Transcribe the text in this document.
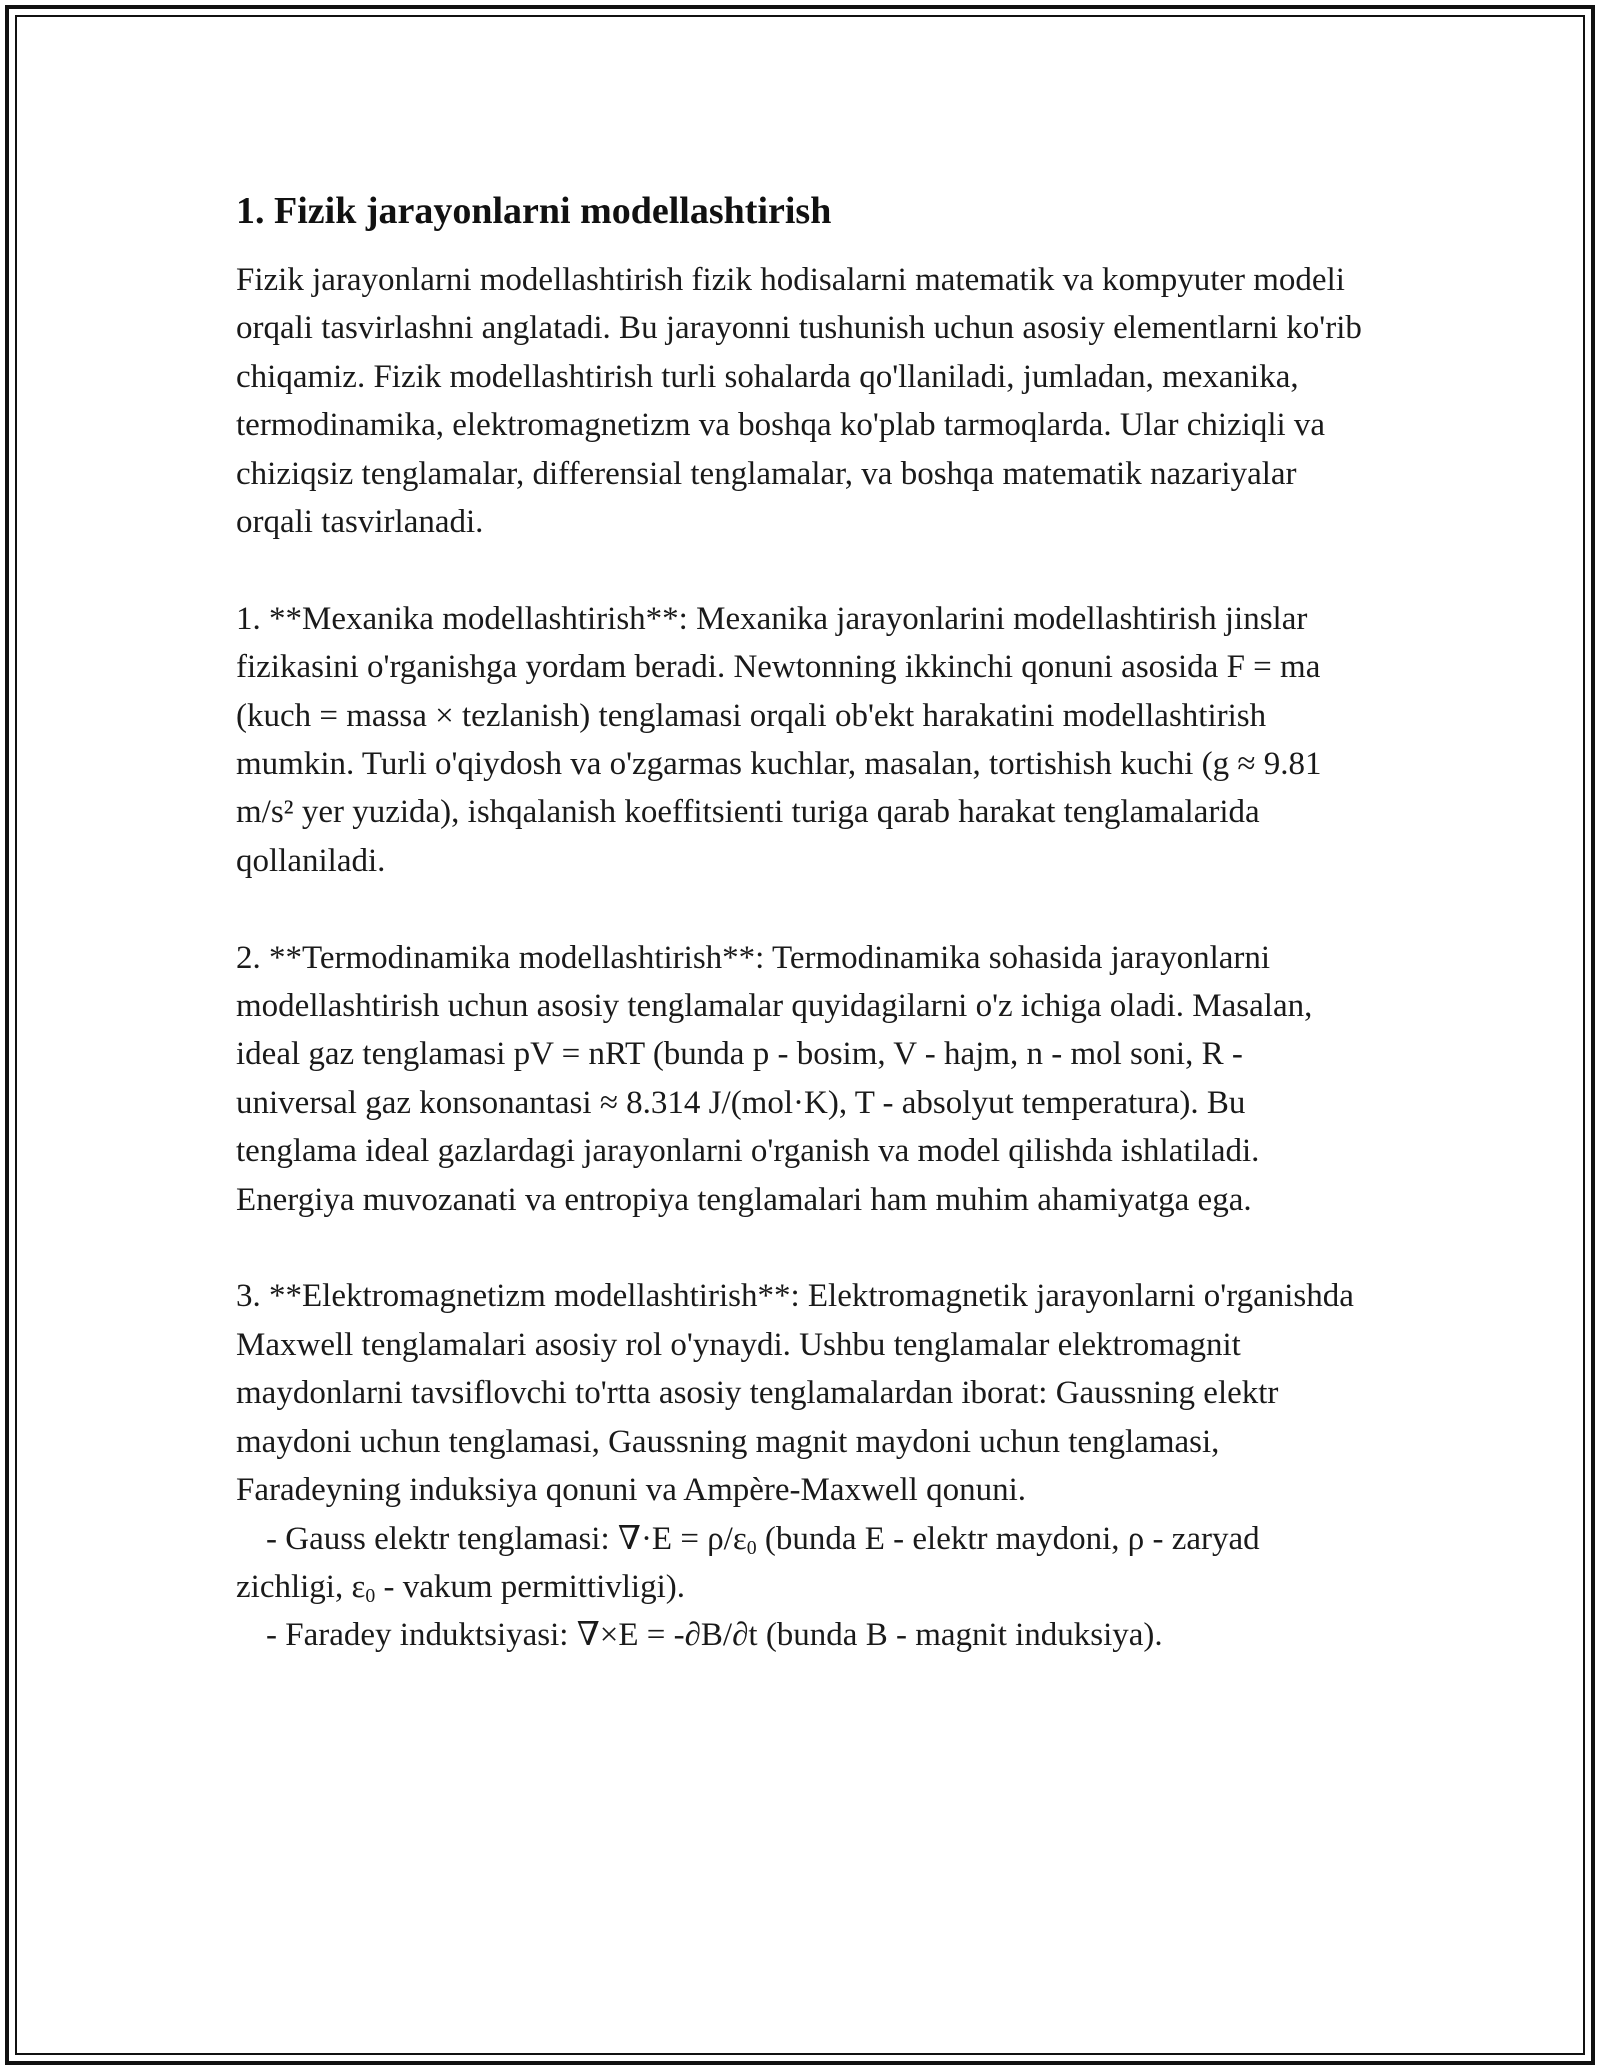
1. Fizik jarayonlarni modellashtirish

Fizik jarayonlarni modellashtirish fizik hodisalarni matematik va kompyuter modeli orqali tasvirlashni anglatadi. Bu jarayonni tushunish uchun asosiy elementlarni ko'rib chiqamiz. Fizik modellashtirish turli sohalarda qo'llaniladi, jumladan, mexanika, termodinamika, elektromagnetizm va boshqa ko'plab tarmoqlarda. Ular chiziqli va chiziqsiz tenglamalar, differensial tenglamalar, va boshqa matematik nazariyalar orqali tasvirlanadi.

1. **Mexanika modellashtirish**: Mexanika jarayonlarini modellashtirish jinslar fizikasini o'rganishga yordam beradi. Newtonning ikkinchi qonuni asosida F = ma (kuch = massa × tezlanish) tenglamasi orqali ob'ekt harakatini modellashtirish mumkin. Turli o'qiydosh va o'zgarmas kuchlar, masalan, tortishish kuchi (g ≈ 9.81 m/s² yer yuzida), ishqalanish koeffitsienti turiga qarab harakat tenglamalarida qollaniladi.

2. **Termodinamika modellashtirish**: Termodinamika sohasida jarayonlarni modellashtirish uchun asosiy tenglamalar quyidagilarni o'z ichiga oladi. Masalan, ideal gaz tenglamasi pV = nRT (bunda p - bosim, V - hajm, n - mol soni, R - universal gaz konsonantasi ≈ 8.314 J/(mol·K), T - absolyut temperatura). Bu tenglama ideal gazlardagi jarayonlarni o'rganish va model qilishda ishlatiladi. Energiya muvozanati va entropiya tenglamalari ham muhim ahamiyatga ega.

3. **Elektromagnetizm modellashtirish**: Elektromagnetik jarayonlarni o'rganishda Maxwell tenglamalari asosiy rol o'ynaydi. Ushbu tenglamalar elektromagnit maydonlarni tavsiflovchi to'rtta asosiy tenglamalardan iborat: Gaussning elektr maydoni uchun tenglamasi, Gaussning magnit maydoni uchun tenglamasi, Faradeyning induksiya qonuni va Ampère-Maxwell qonuni.

- Gauss elektr tenglamasi: $\nabla\cdot E = \rho/\varepsilon_0$ (bunda E - elektr maydoni, ρ - zaryad zichligi, $\varepsilon_0$ - vakum permittivligi).

- Faradey induktsiyasi: ∇×E = -∂B/∂t (bunda B - magnit induksiya).
